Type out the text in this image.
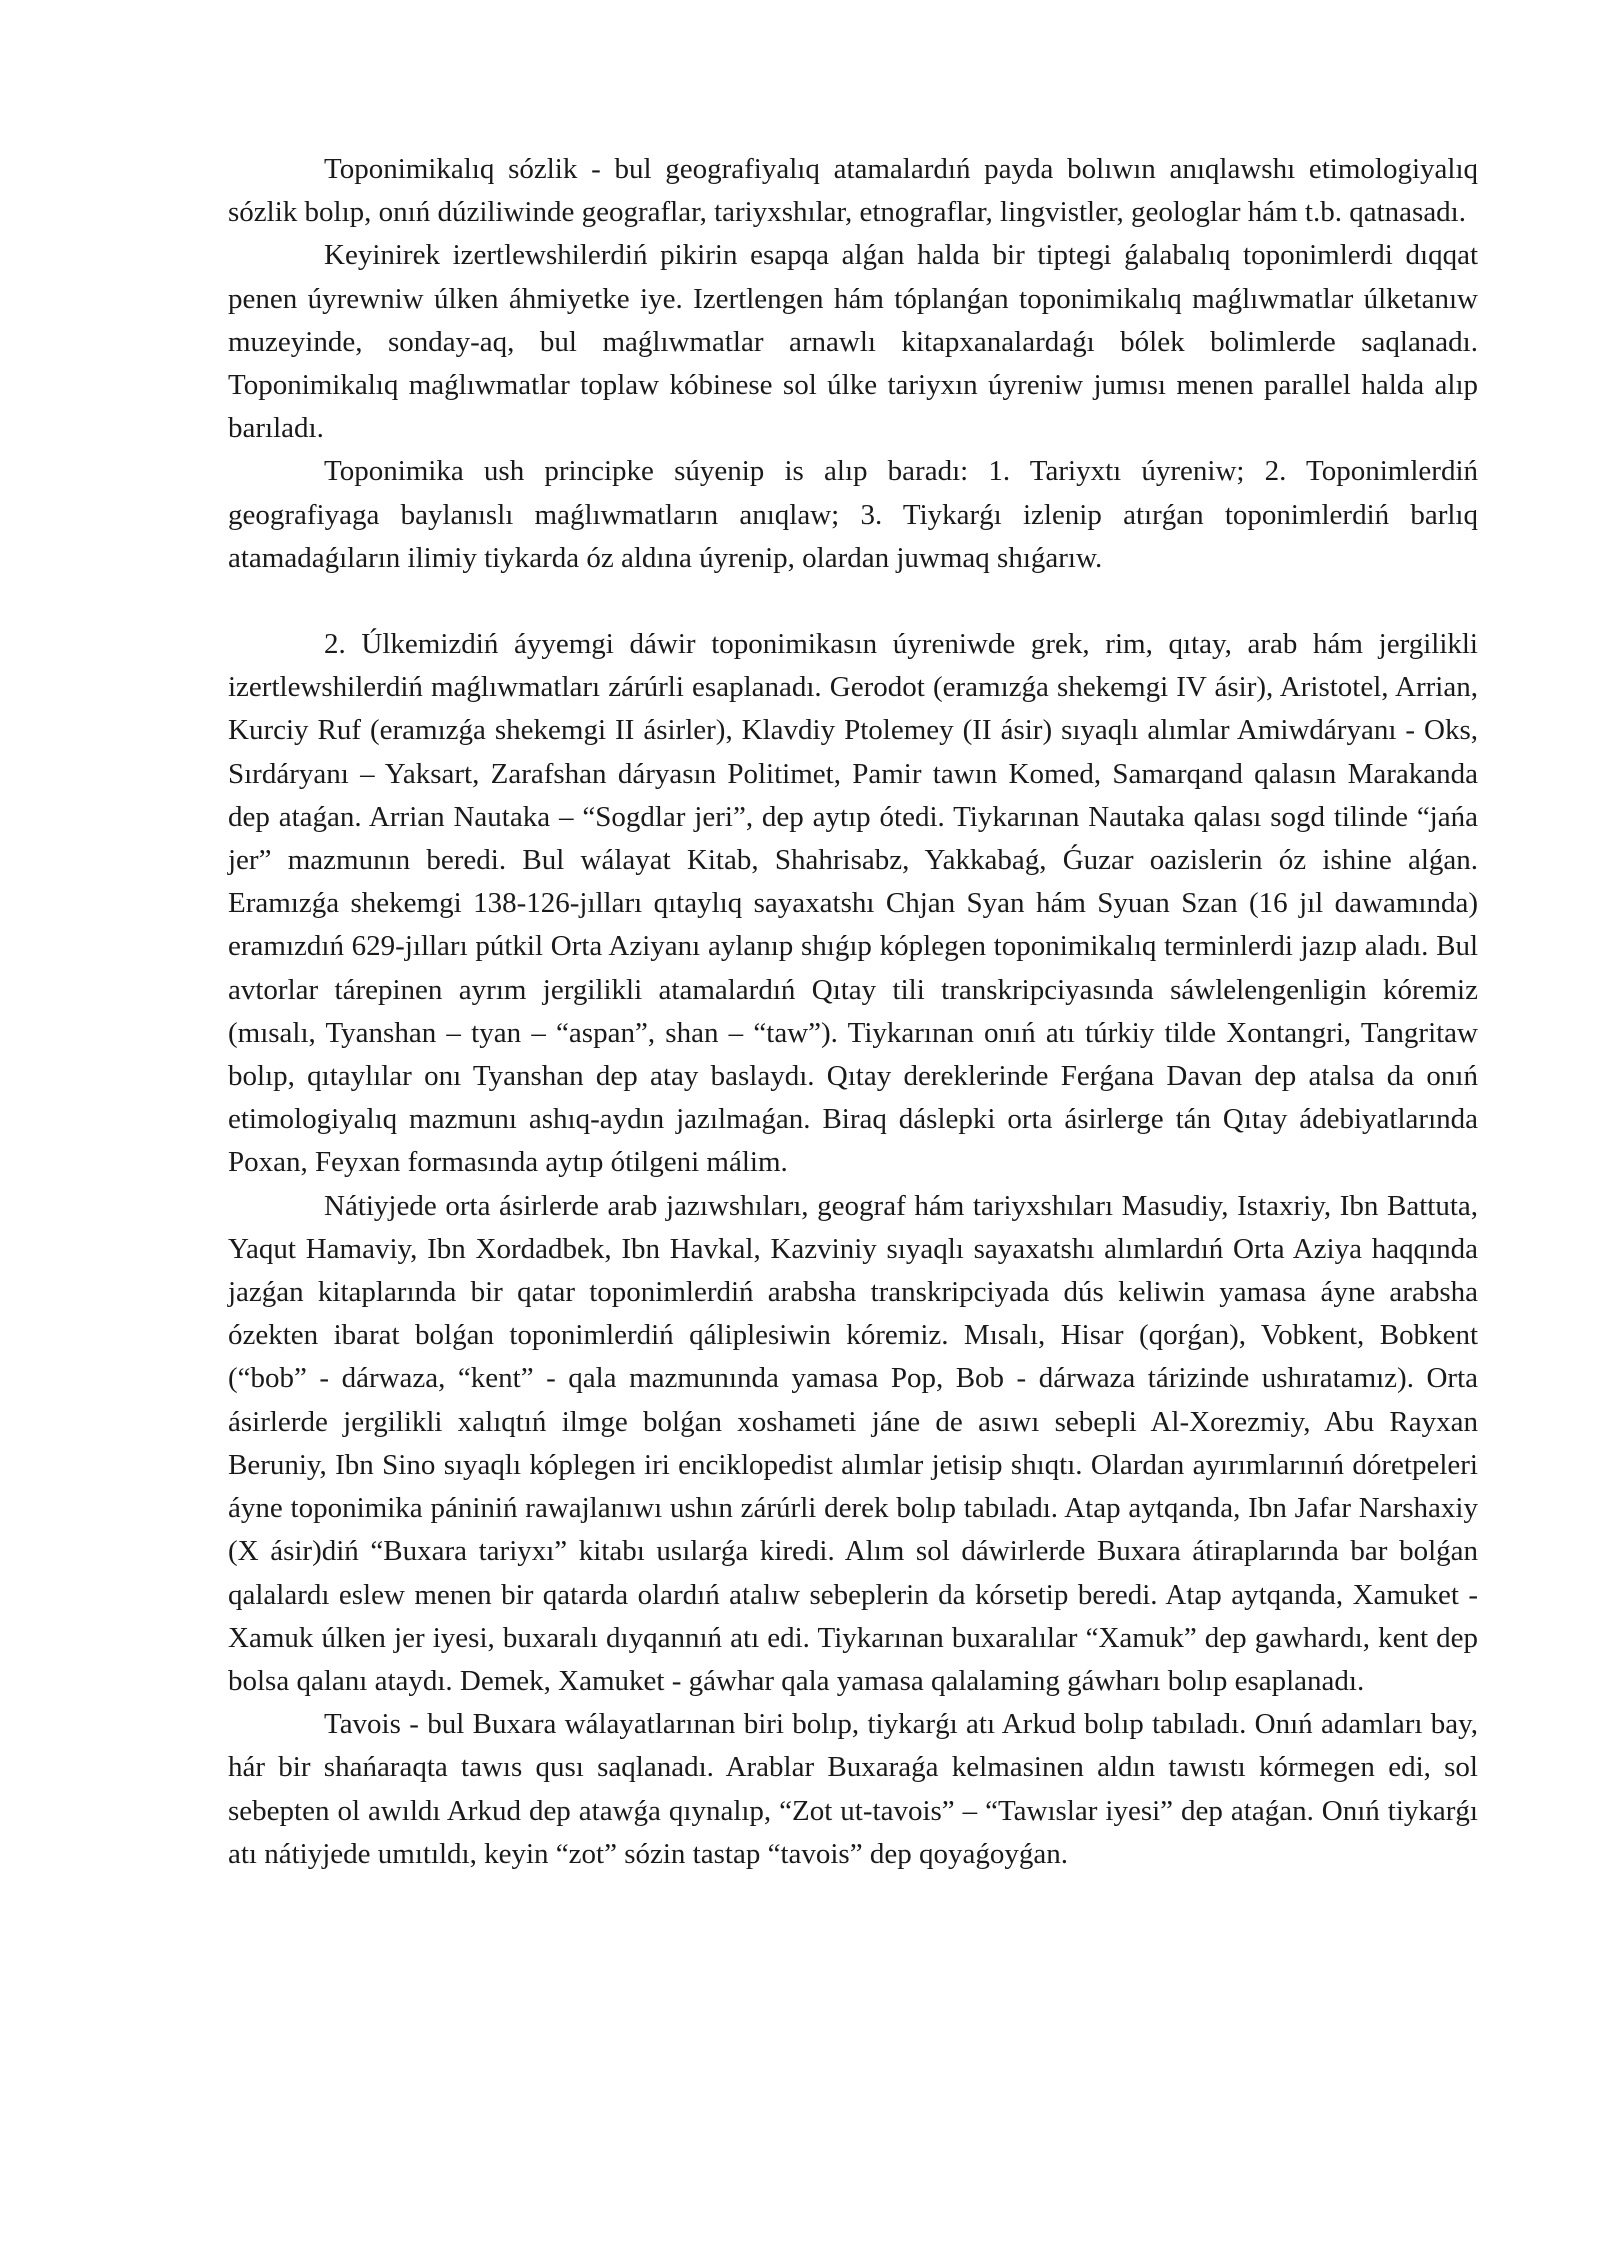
Toponimikalıq sózlik - bul geografiyalıq atamalardıń payda bolıwın anıqlawshı etimologiyalıq sózlik bolıp, onıń dúziliwinde geograflar, tariyxshılar, etnograflar, lingvistler, geologlar hám t.b. qatnasadı.

Keyinirek izertlewshilerdiń pikirin esapqa alǵan halda bir tiptegi ǵalabalıq toponimlerdi dıqqat penen úyrewniw úlken áhmiyetke iye. Izertlengen hám tóplanǵan toponimikalıq maǵlıwmatlar úlketanıw muzeyinde, sonday-aq, bul maǵlıwmatlar arnawlı kitapxanalardaǵı bólek bolimlerde saqlanadı. Toponimikalıq maǵlıwmatlar toplaw kóbinese sol úlke tariyxın úyreniw jumısı menen parallel halda alıp barıladı.

Toponimika ush principke súyenip is alıp baradı: 1. Tariyxtı úyreniw; 2. Toponimlerdiń geografiyaga baylanıslı maǵlıwmatların anıqlaw; 3. Tiykarǵı izlenip atırǵan toponimlerdiń barlıq atamadaǵıların ilimiy tiykarda óz aldına úyrenip, olardan juwmaq shıǵarıw.

2. Úlkemizdiń áyyemgi dáwir toponimikasın úyreniwde grek, rim, qıtay, arab hám jergilikli izertlewshilerdiń maǵlıwmatları zárúrli esaplanadı. Gerodot (eramızǵa shekemgi IV ásir), Aristotel, Arrian, Kurciy Ruf (eramızǵa shekemgi II ásirler), Klavdiy Ptolemey (II ásir) sıyaqlı alımlar Amiwdáryanı - Oks, Sırdáryanı – Yaksart, Zarafshan dáryasın Politimet, Pamir tawın Komed, Samarqand qalasın Marakanda dep ataǵan. Arrian Nautaka – “Sogdlar jeri”, dep aytıp ótedi. Tiykarınan Nautaka qalası sogd tilinde “jańa jer” mazmunın beredi. Bul wálayat Kitab, Shahrisabz, Yakkabaǵ, Ǵuzar oazislerin óz ishine alǵan. Eramızǵa shekemgi 138-126-jılları qıtaylıq sayaxatshı Chjan Syan hám Syuan Szan (16 jıl dawamında) eramızdıń 629-jılları pútkil Orta Aziyanı aylanıp shıǵıp kóplegen toponimikalıq terminlerdi jazıp aladı. Bul avtorlar tárepinen ayrım jergilikli atamalardıń Qıtay tili transkripciyasında sáwlelengenligin kóremiz (mısalı, Tyanshan – tyan – “aspan”, shan – “taw”). Tiykarınan onıń atı túrkiy tilde Xontangri, Tangritaw bolıp, qıtaylılar onı Tyanshan dep atay baslaydı. Qıtay dereklerinde Ferǵana Davan dep atalsa da onıń etimologiyalıq mazmunı ashıq-aydın jazılmaǵan. Biraq dáslepki orta ásirlerge tán Qıtay ádebiyatlarında Poxan, Feyxan formasında aytıp ótilgeni málim.

Nátiyjede orta ásirlerde arab jazıwshıları, geograf hám tariyxshıları Masudiy, Istaxriy, Ibn Battuta, Yaqut Hamaviy, Ibn Xordadbek, Ibn Havkal, Kazviniy sıyaqlı sayaxatshı alımlardıń Orta Aziya haqqında jazǵan kitaplarında bir qatar toponimlerdiń arabsha transkripciyada dús keliwin yamasa áyne arabsha ózekten ibarat bolǵan toponimlerdiń qáliplesiwin kóremiz. Mısalı, Hisar (qorǵan), Vobkent, Bobkent (“bob” - dárwaza, “kent” - qala mazmunında yamasa Pop, Bob - dárwaza tárizinde ushıratamız). Orta ásirlerde jergilikli xalıqtıń ilmge bolǵan xoshameti jáne de asıwı sebepli Al-Xorezmiy, Abu Rayxan Beruniy, Ibn Sino sıyaqlı kóplegen iri enciklopedist alımlar jetisip shıqtı. Olardan ayırımlarınıń dóretpeleri áyne toponimika pániniń rawajlanıwı ushın zárúrli derek bolıp tabıladı. Atap aytqanda, Ibn Jafar Narshaxiy (X ásir)diń “Buxara tariyxı” kitabı usılarǵa kiredi. Alım sol dáwirlerde Buxara átiraplarında bar bolǵan qalalardı eslew menen bir qatarda olardıń atalıw sebeplerin da kórsetip beredi. Atap aytqanda, Xamuket - Xamuk úlken jer iyesi, buxaralı dıyqannıń atı edi. Tiykarınan buxaralılar “Xamuk” dep gawhardı, kent dep bolsa qalanı ataydı. Demek, Xamuket - gáwhar qala yamasa qalalaming gáwharı bolıp esaplanadı.

Tavois - bul Buxara wálayatlarınan biri bolıp, tiykarǵı atı Arkud bolıp tabıladı. Onıń adamları bay, hár bir shańaraqta tawıs qusı saqlanadı. Arablar Buxaraǵa kelmasinen aldın tawıstı kórmegen edi, sol sebepten ol awıldı Arkud dep atawǵa qıynalıp, “Zot ut-tavois” – “Tawıslar iyesi” dep ataǵan. Onıń tiykarǵı atı nátiyjede umıtıldı, keyin “zot” sózin tastap “tavois” dep qoyaǵoyǵan.
